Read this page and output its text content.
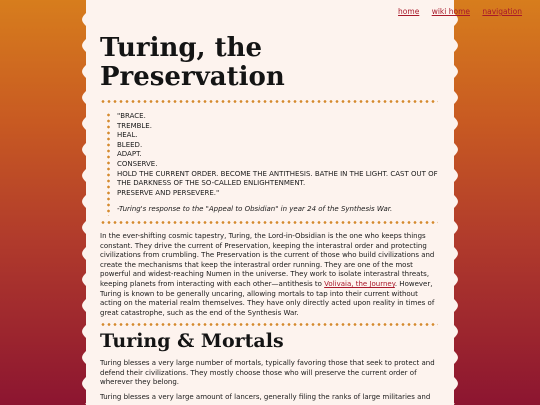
home wiki home navigation
Turing, the Preservation
"BRACE.
TREMBLE.
HEAL.
BLEED.
ADAPT.
CONSERVE.
HOLD THE CURRENT ORDER. BECOME THE ANTITHESIS. BATHE IN THE LIGHT. CAST OUT OF
THE DARKNESS OF THE SO-CALLED ENLIGHTENMENT.
PRESERVE AND PERSEVERE."
-Turing's response to the "Appeal to Obsidian" in year 24 of the Synthesis War.

In the ever-shifting cosmic tapestry, Turing, the Lord-in-Obsidian is the one who keeps things constant. They drive the current of Preservation, keeping the interastral order and protecting civilizations from crumbling. The Preservation is the current of those who build civilizations and create the mechanisms that keep the interastral order running. They are one of the most powerful and widest-reaching Numen in the universe. They work to isolate interastral threats, keeping planets from interacting with each other—antithesis to Volivaia, the Journey. However, Turing is known to be generally uncaring, allowing mortals to tap into their current without acting on the material realm themselves. They have only directly acted upon reality in times of great catastrophe, such as the end of the Synthesis War.

Turing & Mortals

Turing blesses a very large number of mortals, typically favoring those that seek to protect and defend their civilizations. They mostly choose those who will preserve the current order of wherever they belong.

Turing blesses a very large amount of lancers, generally filing the ranks of large militaries and
